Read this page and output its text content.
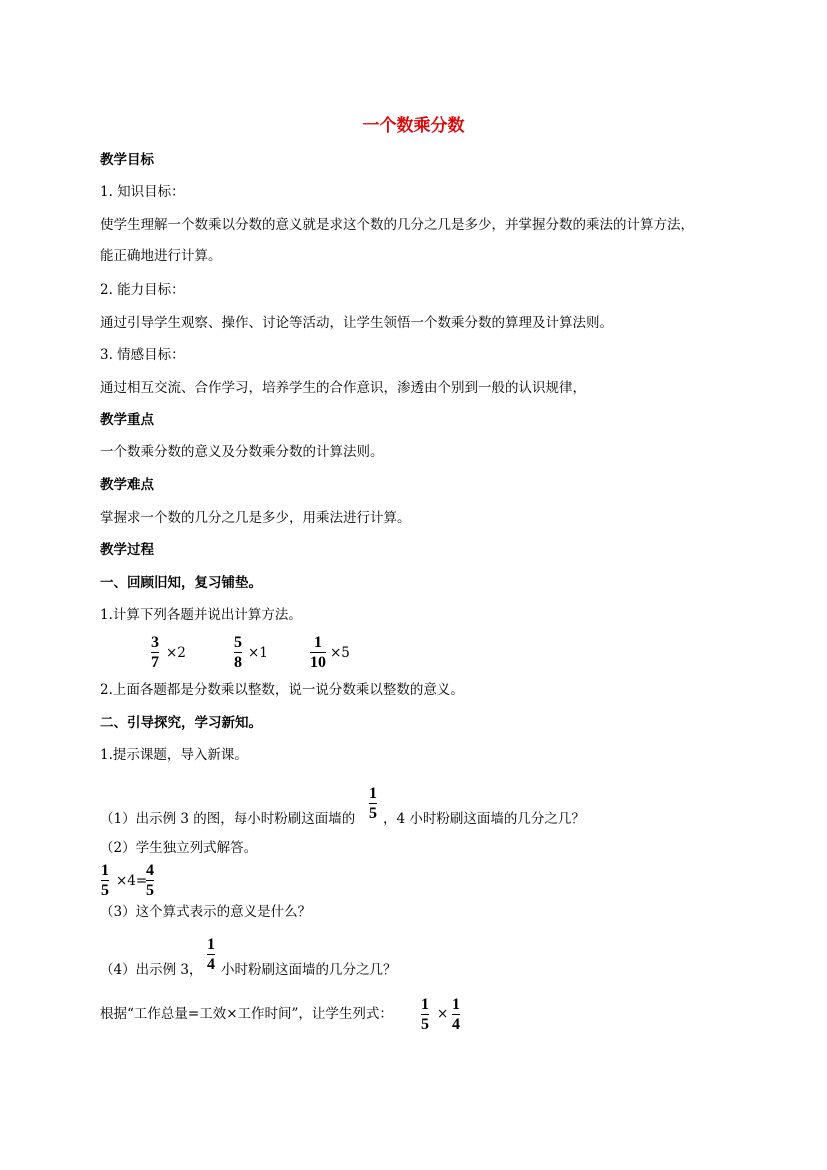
一个数乘分数
教学目标
1. 知识目标：
使学生理解一个数乘以分数的意义就是求这个数的几分之几是多少，并掌握分数的乘法的计算方法，
能正确地进行计算。
2. 能力目标：
通过引导学生观察、操作、讨论等活动，让学生领悟一个数乘分数的算理及计算法则。
3. 情感目标：
通过相互交流、合作学习，培养学生的合作意识，渗透由个别到一般的认识规律，
教学重点
一个数乘分数的意义及分数乘分数的计算法则。
教学难点
掌握求一个数的几分之几是多少，用乘法进行计算。
教学过程
一、回顾旧知，复习铺垫。
1.计算下列各题并说出计算方法。
3
7
×2
5
8
×1
1
10
×5
2.上面各题都是分数乘以整数，说一说分数乘以整数的意义。
二、引导探究，学习新知。
1.提示课题，导入新课。
（1）出示例 3 的图，每小时粉刷这面墙的
1
5 ，4 小时粉刷这面墙的几分之几？
（2）学生独立列式解答。
1
5
×4=
4
5
（3）这个算式表示的意义是什么？
（4）出示例 3，
1
4 小时粉刷这面墙的几分之几？
根据“工作总量=工效×工作时间”，让学生列式：
1
5
×
1
4
